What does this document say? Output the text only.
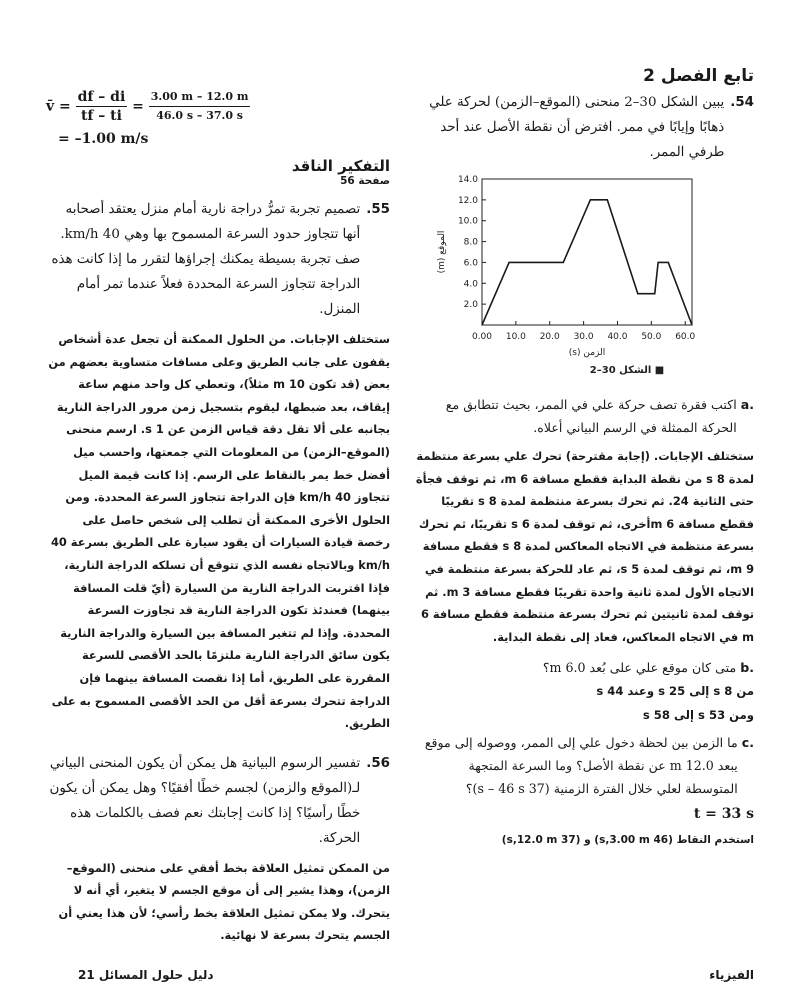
تابع الفصل 2

54.
يبين الشكل 30–2 منحنى (الموقع–الزمن) لحركة علي ذهابًا وإيابًا في ممر. افترض أن نقطة الأصل عند أحد طرفي الممر.
0.00 10.0 20.0 30.0 40.0 50.0 60.0
2.0
4.0
6.0
8.0
10.0
12.0
14.0
الزمن (s)
الموقع (m)
■ الشكل 30–2
a.
اكتب فقرة تصف حركة علي في الممر، بحيث تتطابق مع الحركة الممثلة في الرسم البياني أعلاه.

ستختلف الإجابات. (إجابة مقترحة) تحرك علي بسرعة منتظمة لمدة 8 s من نقطة البداية فقطع مسافة 6 m، ثم توقف فجأة حتى الثانية 24. ثم تحرك بسرعة منتظمة لمدة 8 s تقريبًا فقطع مسافة 6 mأخرى، ثم توقف لمدة 6 s تقريبًا، ثم تحرك بسرعة منتظمة في الاتجاه المعاكس لمدة 8 s فقطع مسافة 9 m، ثم توقف لمدة 5 s، ثم عاد للحركة بسرعة منتظمة في الاتجاه الأول لمدة ثانية واحدة تقريبًا فقطع مسافة 3 m. ثم توقف لمدة ثانيتين ثم تحرك بسرعة منتظمة فقطع مسافة 6 m في الاتجاه المعاكس، فعاد إلى نقطة البداية.

b.
متى كان موقع علي على بُعد 6.0 m؟
من 8 s إلى 25 s وعند 44 s
ومن 53 s إلى 58 s
c.
ما الزمن بين لحظة دخول علي إلى الممر، ووصوله إلى موقع يبعد 12.0 m عن نقطة الأصل؟ وما السرعة المتجهة المتوسطة لعلي خلال الفترة الزمنية (37 s – 46 s)؟
t = 33 s
استخدم النقاط (46 s,3.00 m) و (37 s,12.0 m)
v̄ = $\frac{df - di}{tf - ti} = \frac{3.00 m - 12.0 m}{46.0 s - 37.0 s}$
= –1.00 m/s

التفكير الناقد

صفحة 56

55.
تصميم تجربة تمرُّ دراجة نارية أمام منزل يعتقد أصحابه أنها تتجاوز حدود السرعة المسموح بها وهي 40 km/h. صف تجربة بسيطة يمكنك إجراؤها لتقرر ما إذا كانت هذه الدراجة تتجاوز السرعة المحددة فعلاً عندما تمر أمام المنزل.

ستختلف الإجابات. من الحلول الممكنة أن تجعل عدة أشخاص يقفون على جانب الطريق وعلى مسافات متساوية بعضهم من بعض (قد تكون 10 m مثلاً)، وتعطي كل واحد منهم ساعة إيقاف، بعد ضبطها، ليقوم بتسجيل زمن مرور الدراجة النارية بجانبه على ألا تقل دقة قياس الزمن عن 1 s. ارسم منحنى (الموقع–الزمن) من المعلومات التي جمعتها، واحسب ميل أفضل خط يمر بالنقاط على الرسم. إذا كانت قيمة الميل تتجاوز 40 km/h فإن الدراجة تتجاوز السرعة المحددة. ومن الحلول الأخرى الممكنة أن تطلب إلى شخص حاصل على رخصة قيادة السيارات أن يقود سيارة على الطريق بسرعة 40 km/h وبالاتجاه نفسه الذي تتوقع أن تسلكه الدراجة النارية، فإذا اقتربت الدراجة النارية من السيارة (أيّ قلت المسافة بينهما) فعندئذ تكون الدراجة النارية قد تجاوزت السرعة المحددة. وإذا لم تتغير المسافة بين السيارة والدراجة النارية يكون سائق الدراجة النارية ملتزمًا بالحد الأقصى للسرعة المقررة على الطريق، أما إذا نقصت المسافة بينهما فإن الدراجة تتحرك بسرعة أقل من الحد الأقصى المسموح به على الطريق.

56.
تفسير الرسوم البيانية هل يمكن أن يكون المنحنى البياني لـ(الموقع والزمن) لجسم خطًا أفقيًا؟ وهل يمكن أن يكون خطًا رأسيًا؟ إذا كانت إجابتك نعم فصف بالكلمات هذه الحركة.

من الممكن تمثيل العلاقة بخط أفقي على منحنى (الموقع–الزمن)، وهذا يشير إلى أن موقع الجسم لا يتغير، أي أنه لا يتحرك. ولا يمكن تمثيل العلاقة بخط رأسي؛ لأن هذا يعني أن الجسم يتحرك بسرعة لا نهائية.

دليل حلول المسائل 21	الفيزياء
